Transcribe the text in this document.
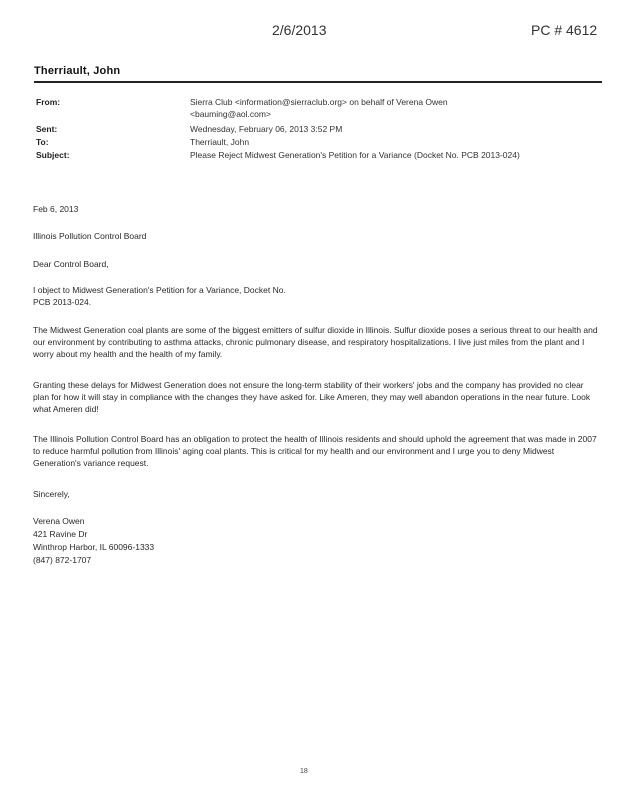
2/6/2013	PC # 4612
Therriault, John
From:	Sierra Club <information@sierraclub.org> on behalf of Verena Owen
<bauming@aol.com>
Sent:	Wednesday, February 06, 2013 3:52 PM
To:	Therriault, John
Subject:	Please Reject Midwest Generation's Petition for a Variance (Docket No. PCB 2013-024)
Feb 6, 2013
Illinois Pollution Control Board
Dear Control Board,
I object to Midwest Generation's Petition for a Variance, Docket No.
PCB 2013-024.
The Midwest Generation coal plants are some of the biggest emitters of sulfur dioxide in Illinois. Sulfur dioxide poses a serious threat to our health and our environment by contributing to asthma attacks, chronic pulmonary disease, and respiratory hospitalizations. I live just miles from the plant and I worry about my health and the health of my family.
Granting these delays for Midwest Generation does not ensure the long-term stability of their workers' jobs and the company has provided no clear plan for how it will stay in compliance with the changes they have asked for. Like Ameren, they may well abandon operations in the near future. Look what Ameren did!
The Illinois Pollution Control Board has an obligation to protect the health of Illinois residents and should uphold the agreement that was made in 2007 to reduce harmful pollution from Illinois' aging coal plants. This is critical for my health and our environment and I urge you to deny Midwest Generation's variance request.
Sincerely,
Verena Owen
421 Ravine Dr
Winthrop Harbor, IL 60096-1333
(847) 872-1707
18
